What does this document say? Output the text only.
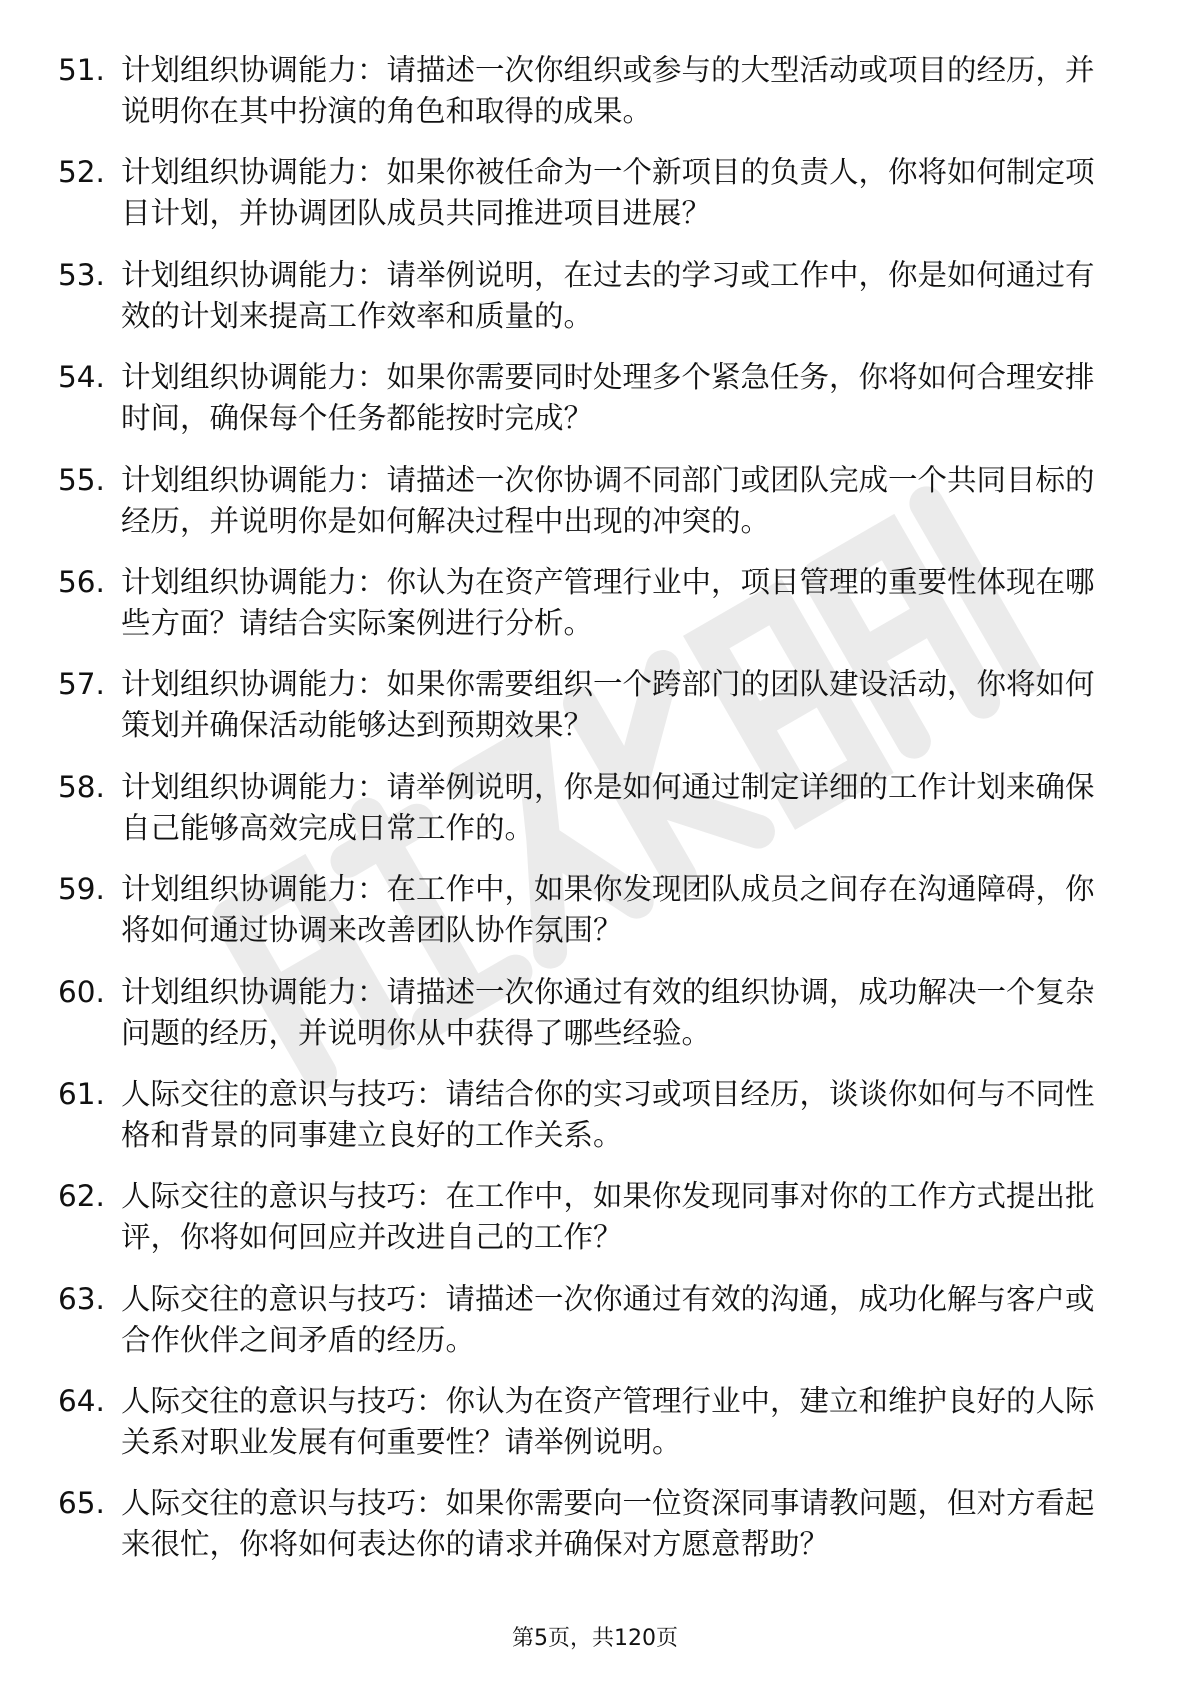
51. 计划组织协调能力：请描述一次你组织或参与的大型活动或项目的经历，并说明你在其中扮演的角色和取得的成果。
52. 计划组织协调能力：如果你被任命为一个新项目的负责人，你将如何制定项目计划，并协调团队成员共同推进项目进展？
53. 计划组织协调能力：请举例说明，在过去的学习或工作中，你是如何通过有效的计划来提高工作效率和质量的。
54. 计划组织协调能力：如果你需要同时处理多个紧急任务，你将如何合理安排时间，确保每个任务都能按时完成？
55. 计划组织协调能力：请描述一次你协调不同部门或团队完成一个共同目标的经历，并说明你是如何解决过程中出现的冲突的。
56. 计划组织协调能力：你认为在资产管理行业中，项目管理的重要性体现在哪些方面？请结合实际案例进行分析。
57. 计划组织协调能力：如果你需要组织一个跨部门的团队建设活动，你将如何策划并确保活动能够达到预期效果？
58. 计划组织协调能力：请举例说明，你是如何通过制定详细的工作计划来确保自己能够高效完成日常工作的。
59. 计划组织协调能力：在工作中，如果你发现团队成员之间存在沟通障碍，你将如何通过协调来改善团队协作氛围？
60. 计划组织协调能力：请描述一次你通过有效的组织协调，成功解决一个复杂问题的经历，并说明你从中获得了哪些经验。
61. 人际交往的意识与技巧：请结合你的实习或项目经历，谈谈你如何与不同性格和背景的同事建立良好的工作关系。
62. 人际交往的意识与技巧：在工作中，如果你发现同事对你的工作方式提出批评，你将如何回应并改进自己的工作？
63. 人际交往的意识与技巧：请描述一次你通过有效的沟通，成功化解与客户或合作伙伴之间矛盾的经历。
64. 人际交往的意识与技巧：你认为在资产管理行业中，建立和维护良好的人际关系对职业发展有何重要性？请举例说明。
65. 人际交往的意识与技巧：如果你需要向一位资深同事请教问题，但对方看起来很忙，你将如何表达你的请求并确保对方愿意帮助？
第5页，共120页
